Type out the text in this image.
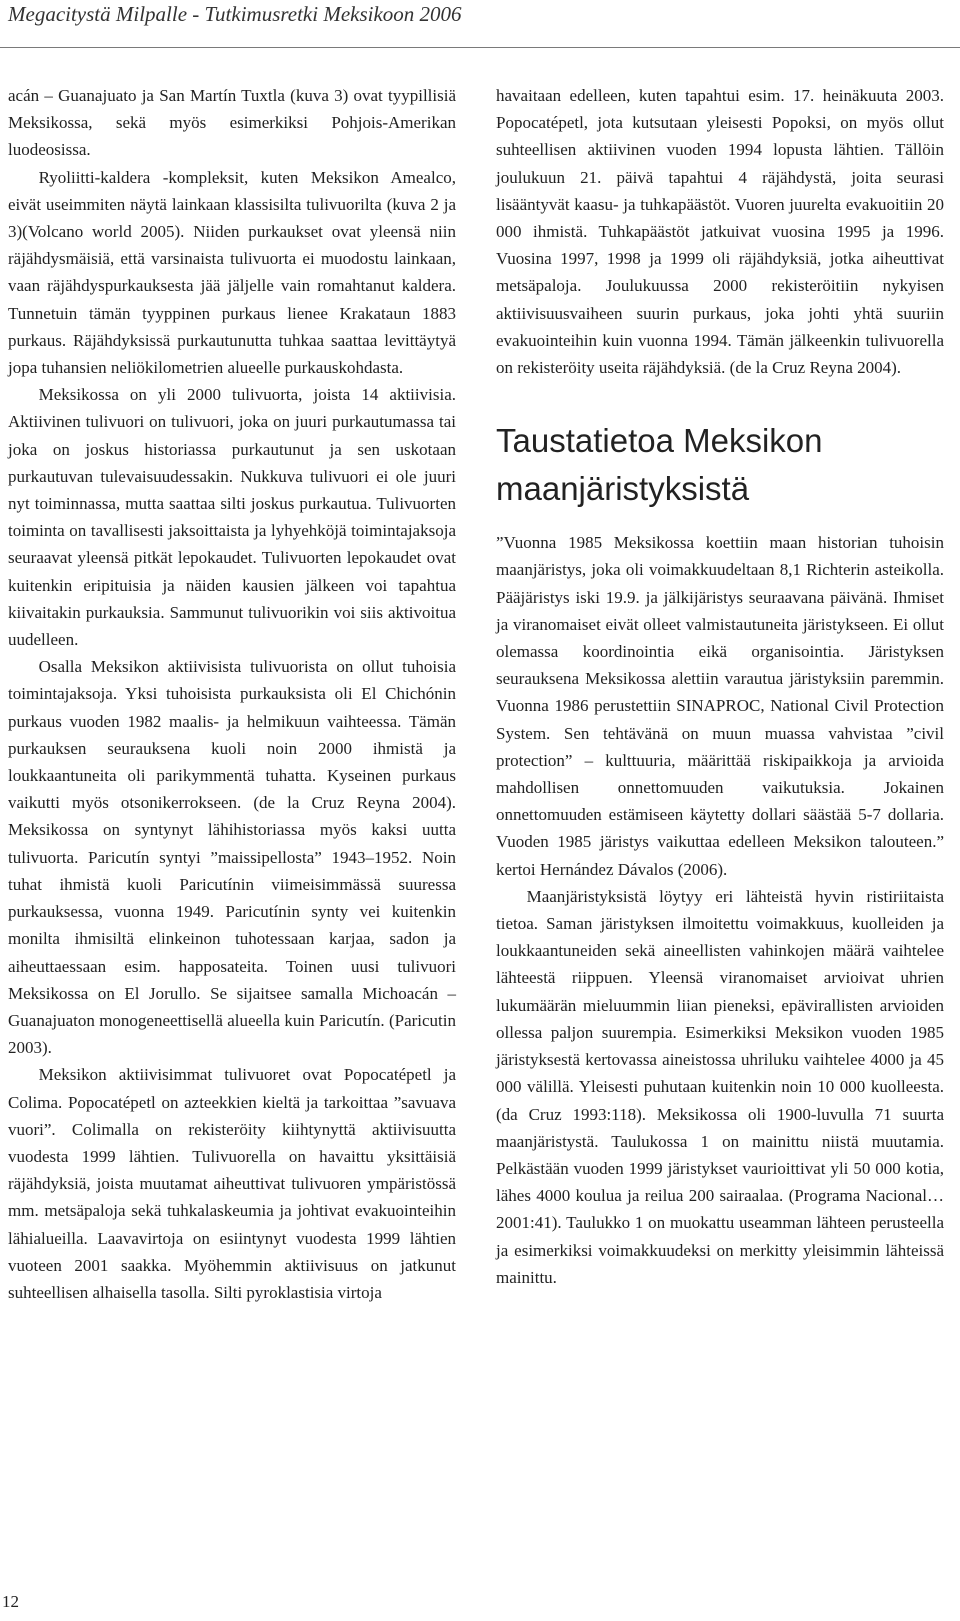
Megacitystä Milpalle - Tutkimusretki Meksikoon 2006

acán – Guanajuato ja San Martín Tuxtla (kuva 3) ovat tyypillisiä Meksikossa, sekä myös esimerkiksi Pohjois-Amerikan luodeosissa.

Ryoliitti-kaldera -kompleksit, kuten Meksikon Amealco, eivät useimmiten näytä lainkaan klassisilta tulivuorilta (kuva 2 ja 3)(Volcano world 2005). Niiden purkaukset ovat yleensä niin räjähdysmäisiä, että varsinaista tulivuorta ei muodostu lainkaan, vaan räjähdyspurkauksesta jää jäljelle vain romahtanut kaldera. Tunnetuin tämän tyyppinen purkaus lienee Krakataun 1883 purkaus. Räjähdyksissä purkautunutta tuhkaa saattaa levittäytyä jopa tuhansien neliökilometrien alueelle purkauskohdasta.

Meksikossa on yli 2000 tulivuorta, joista 14 aktiivisia. Aktiivinen tulivuori on tulivuori, joka on juuri purkautumassa tai joka on joskus historiassa purkautunut ja sen uskotaan purkautuvan tulevaisuudessakin. Nukkuva tulivuori ei ole juuri nyt toiminnassa, mutta saattaa silti joskus purkautua. Tulivuorten toiminta on tavallisesti jaksoittaista ja lyhyehköjä toimintajaksoja seuraavat yleensä pitkät lepokaudet. Tulivuorten lepokaudet ovat kuitenkin eripituisia ja näiden kausien jälkeen voi tapahtua kiivaitakin purkauksia. Sammunut tulivuorikin voi siis aktivoitua uudelleen.

Osalla Meksikon aktiivisista tulivuorista on ollut tuhoisia toimintajaksoja. Yksi tuhoisista purkauksista oli El Chichónin purkaus vuoden 1982 maalis- ja helmikuun vaihteessa. Tämän purkauksen seurauksena kuoli noin 2000 ihmistä ja loukkaantuneita oli parikymmentä tuhatta. Kyseinen purkaus vaikutti myös otsonikerrokseen. (de la Cruz Reyna 2004). Meksikossa on syntynyt lähihistoriassa myös kaksi uutta tulivuorta. Paricutín syntyi ”maissipellosta” 1943–1952. Noin tuhat ihmistä kuoli Paricutínin viimeisimmässä suuressa purkauksessa, vuonna 1949. Paricutínin synty vei kuitenkin monilta ihmisiltä elinkeinon tuhotessaan karjaa, sadon ja aiheuttaessaan esim. happosateita. Toinen uusi tulivuori Meksikossa on El Jorullo. Se sijaitsee samalla Michoacán – Guanajuaton monogeneettisellä alueella kuin Paricutín. (Paricutin 2003).

Meksikon aktiivisimmat tulivuoret ovat Popocatépetl ja Colima. Popocatépetl on azteekkien kieltä ja tarkoittaa ”savuava vuori”. Colimalla on rekisteröity kiihtynyttä aktiivisuutta vuodesta 1999 lähtien. Tulivuorella on havaittu yksittäisiä räjähdyksiä, joista muutamat aiheuttivat tulivuoren ympäristössä mm. metsäpaloja sekä tuhkalaskeumia ja johtivat evakuointeihin lähialueilla. Laavavirtoja on esiintynyt vuodesta 1999 lähtien vuoteen 2001 saakka. Myöhemmin aktiivisuus on jatkunut suhteellisen alhaisella tasolla. Silti pyroklastisia virtoja

havaitaan edelleen, kuten tapahtui esim. 17. heinäkuuta 2003. Popocatépetl, jota kutsutaan yleisesti Popoksi, on myös ollut suhteellisen aktiivinen vuoden 1994 lopusta lähtien. Tällöin joulukuun 21. päivä tapahtui 4 räjähdystä, joita seurasi lisääntyvät kaasu- ja tuhkapäästöt. Vuoren juurelta evakuoitiin 20 000 ihmistä. Tuhkapäästöt jatkuivat vuosina 1995 ja 1996. Vuosina 1997, 1998 ja 1999 oli räjähdyksiä, jotka aiheuttivat metsäpaloja. Joulukuussa 2000 rekisteröitiin nykyisen aktiivisuusvaiheen suurin purkaus, joka johti yhtä suuriin evakuointeihin kuin vuonna 1994. Tämän jälkeenkin tulivuorella on rekisteröity useita räjähdyksiä. (de la Cruz Reyna 2004).

Taustatietoa Meksikon maanjäristyksistä

”Vuonna 1985 Meksikossa koettiin maan historian tuhoisin maanjäristys, joka oli voimakkuudeltaan 8,1 Richterin asteikolla. Pääjäristys iski 19.9. ja jälkijäristys seuraavana päivänä. Ihmiset ja viranomaiset eivät olleet valmistautuneita järistykseen. Ei ollut olemassa koordinointia eikä organisointia. Järistyksen seurauksena Meksikossa alettiin varautua järistyksiin paremmin. Vuonna 1986 perustettiin SINAPROC, National Civil Protection System. Sen tehtävänä on muun muassa vahvistaa ”civil protection” – kulttuuria, määrittää riskipaikkoja ja arvioida mahdollisen onnettomuuden vaikutuksia. Jokainen onnettomuuden estämiseen käytetty dollari säästää 5-7 dollaria. Vuoden 1985 järistys vaikuttaa edelleen Meksikon talouteen.” kertoi Hernández Dávalos (2006).

Maanjäristyksistä löytyy eri lähteistä hyvin ristiriitaista tietoa. Saman järistyksen ilmoitettu voimakkuus, kuolleiden ja loukkaantuneiden sekä aineellisten vahinkojen määrä vaihtelee lähteestä riippuen. Yleensä viranomaiset arvioivat uhrien lukumäärän mieluummin liian pieneksi, epävirallisten arvioiden ollessa paljon suurempia. Esimerkiksi Meksikon vuoden 1985 järistyksestä kertovassa aineistossa uhriluku vaihtelee 4000 ja 45 000 välillä. Yleisesti puhutaan kuitenkin noin 10 000 kuolleesta. (da Cruz 1993:118). Meksikossa oli 1900-luvulla 71 suurta maanjäristystä. Taulukossa 1 on mainittu niistä muutamia. Pelkästään vuoden 1999 järistykset vaurioittivat yli 50 000 kotia, lähes 4000 koulua ja reilua 200 sairaalaa. (Programa Nacional… 2001:41). Taulukko 1 on muokattu useamman lähteen perusteella ja esimerkiksi voimakkuudeksi on merkitty yleisimmin lähteissä mainittu.

12
